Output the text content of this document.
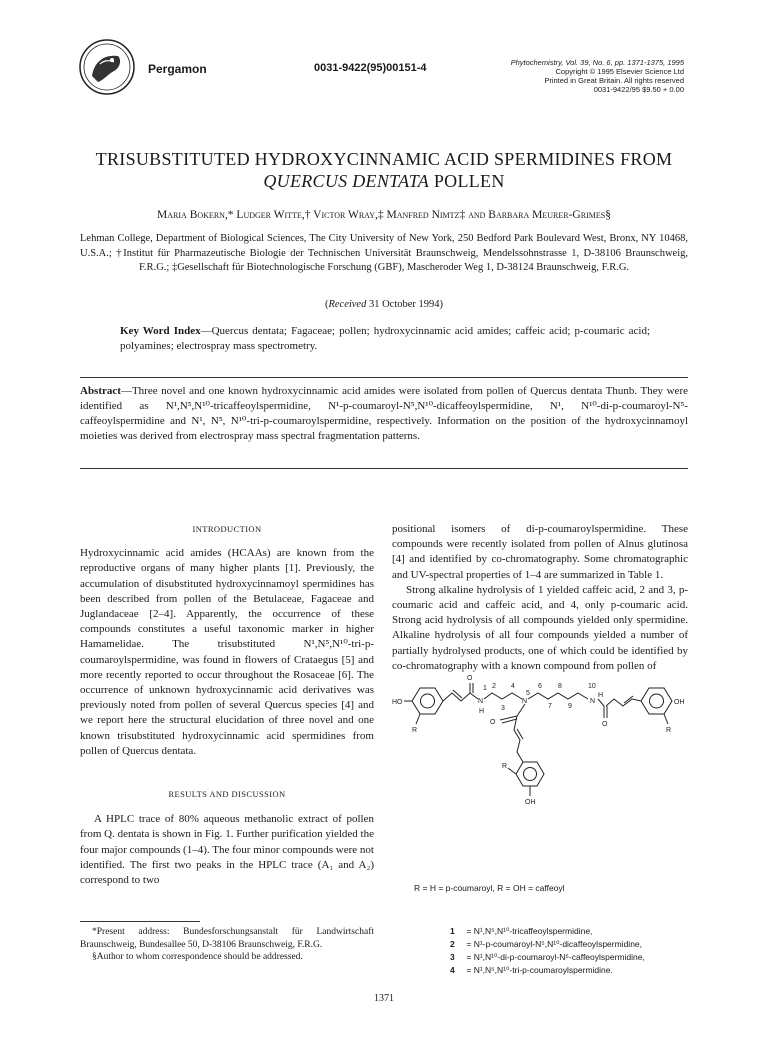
Pergamon	0031-9422(95)00151-4	Phytochemistry, Vol. 39, No. 6, pp. 1371-1375, 1995
Copyright © 1995 Elsevier Science Ltd
Printed in Great Britain. All rights reserved
0031-9422/95 $9.50 + 0.00
TRISUBSTITUTED HYDROXYCINNAMIC ACID SPERMIDINES FROM
QUERCUS DENTATA POLLEN
Maria Bokern,* Ludger Witte,† Victor Wray,‡ Manfred Nimtz‡ and Barbara Meurer-Grimes§
Lehman College, Department of Biological Sciences, The City University of New York, 250 Bedford Park Boulevard West, Bronx, NY 10468, U.S.A.; †Institut für Pharmazeutische Biologie der Technischen Universität Braunschweig, Mendelssohnstrasse 1, D-38106 Braunschweig, F.R.G.; ‡Gesellschaft für Biotechnologische Forschung (GBF), Mascheroder Weg 1, D-38124 Braunschweig, F.R.G.
(Received 31 October 1994)
Key Word Index—Quercus dentata; Fagaceae; pollen; hydroxycinnamic acid amides; caffeic acid; p-coumaric acid; polyamines; electrospray mass spectrometry.
Abstract—Three novel and one known hydroxycinnamic acid amides were isolated from pollen of Quercus dentata Thunb. They were identified as N¹,N⁵,N¹⁰-tricaffeoylspermidine, N¹-p-coumaroyl-N⁵,N¹⁰-dicaffeoylspermidine, N¹, N¹⁰-di-p-coumaroyl-N⁵-caffeoylspermidine and N¹, N⁵, N¹⁰-tri-p-coumaroylspermidine, respectively. Information on the position of the hydroxycinnamoyl moieties was derived from electrospray mass spectral fragmentation patterns.
INTRODUCTION

Hydroxycinnamic acid amides (HCAAs) are known from the reproductive organs of many higher plants [1]. Previously, the accumulation of disubstituted hydroxycinnamoyl spermidines has been described from pollen of the Betulaceae, Fagaceae and Juglandaceae [2–4]. Apparently, the occurrence of these compounds constitutes a useful taxonomic marker in higher Hamamelidae. The trisubstituted N¹,N⁵,N¹⁰-tri-p-coumaroylspermidine, was found in flowers of Crataegus [5] and more recently reported to occur throughout the Rosaceae [6]. The occurrence of unknown hydroxycinnamic acid derivatives was previously noted from pollen of several Quercus species [4] and we report here the structural elucidation of three novel and one known trisubstituted hydroxycinnamic acid spermidines from pollen of Quercus dentata.

RESULTS AND DISCUSSION

A HPLC trace of 80% aqueous methanolic extract of pollen from Q. dentata is shown in Fig. 1. Further purification yielded the four major compounds (1–4). The four minor compounds were not identified. The first two peaks in the HPLC trace (A₁ and A₂) correspond to two

positional isomers of di-p-coumaroylspermidine. These compounds were recently isolated from pollen of Alnus glutinosa [4] and identified by co-chromatography. Some chromatographic and UV-spectral properties of 1–4 are summarized in Table 1.

Strong alkaline hydrolysis of 1 yielded caffeic acid, 2 and 3, p-coumaric acid and caffeic acid, and 4, only p-coumaric acid. Strong acid hydrolysis of all compounds yielded only spermidine. Alkaline hydrolysis of all four compounds yielded a number of partially hydrolysed products, one of which could be identified by co-chromatography with a known compound from pollen of

HO
R
O
N
H
N	N
H
O	O
OH
R
R
OH
1 2
3
4
5
6
7
8
9
10
R = H = p-coumaroyl, R = OH = caffeoyl
1 = N¹,N⁵,N¹⁰-tricaffeoylspermidine,
2 = N¹-p-coumaroyl-N⁵,N¹⁰-dicaffeoylspermidine,
3 = N¹,N¹⁰-di-p-coumaroyl-N⁵-caffeoylspermidine,
4 = N¹,N⁵,N¹⁰-tri-p-coumaroylspermidine.

*Present address: Bundesforschungsanstalt für Landwirtschaft Braunschweig, Bundesallee 50, D-38106 Braunschweig, F.R.G.

§Author to whom correspondence should be addressed.

1371
